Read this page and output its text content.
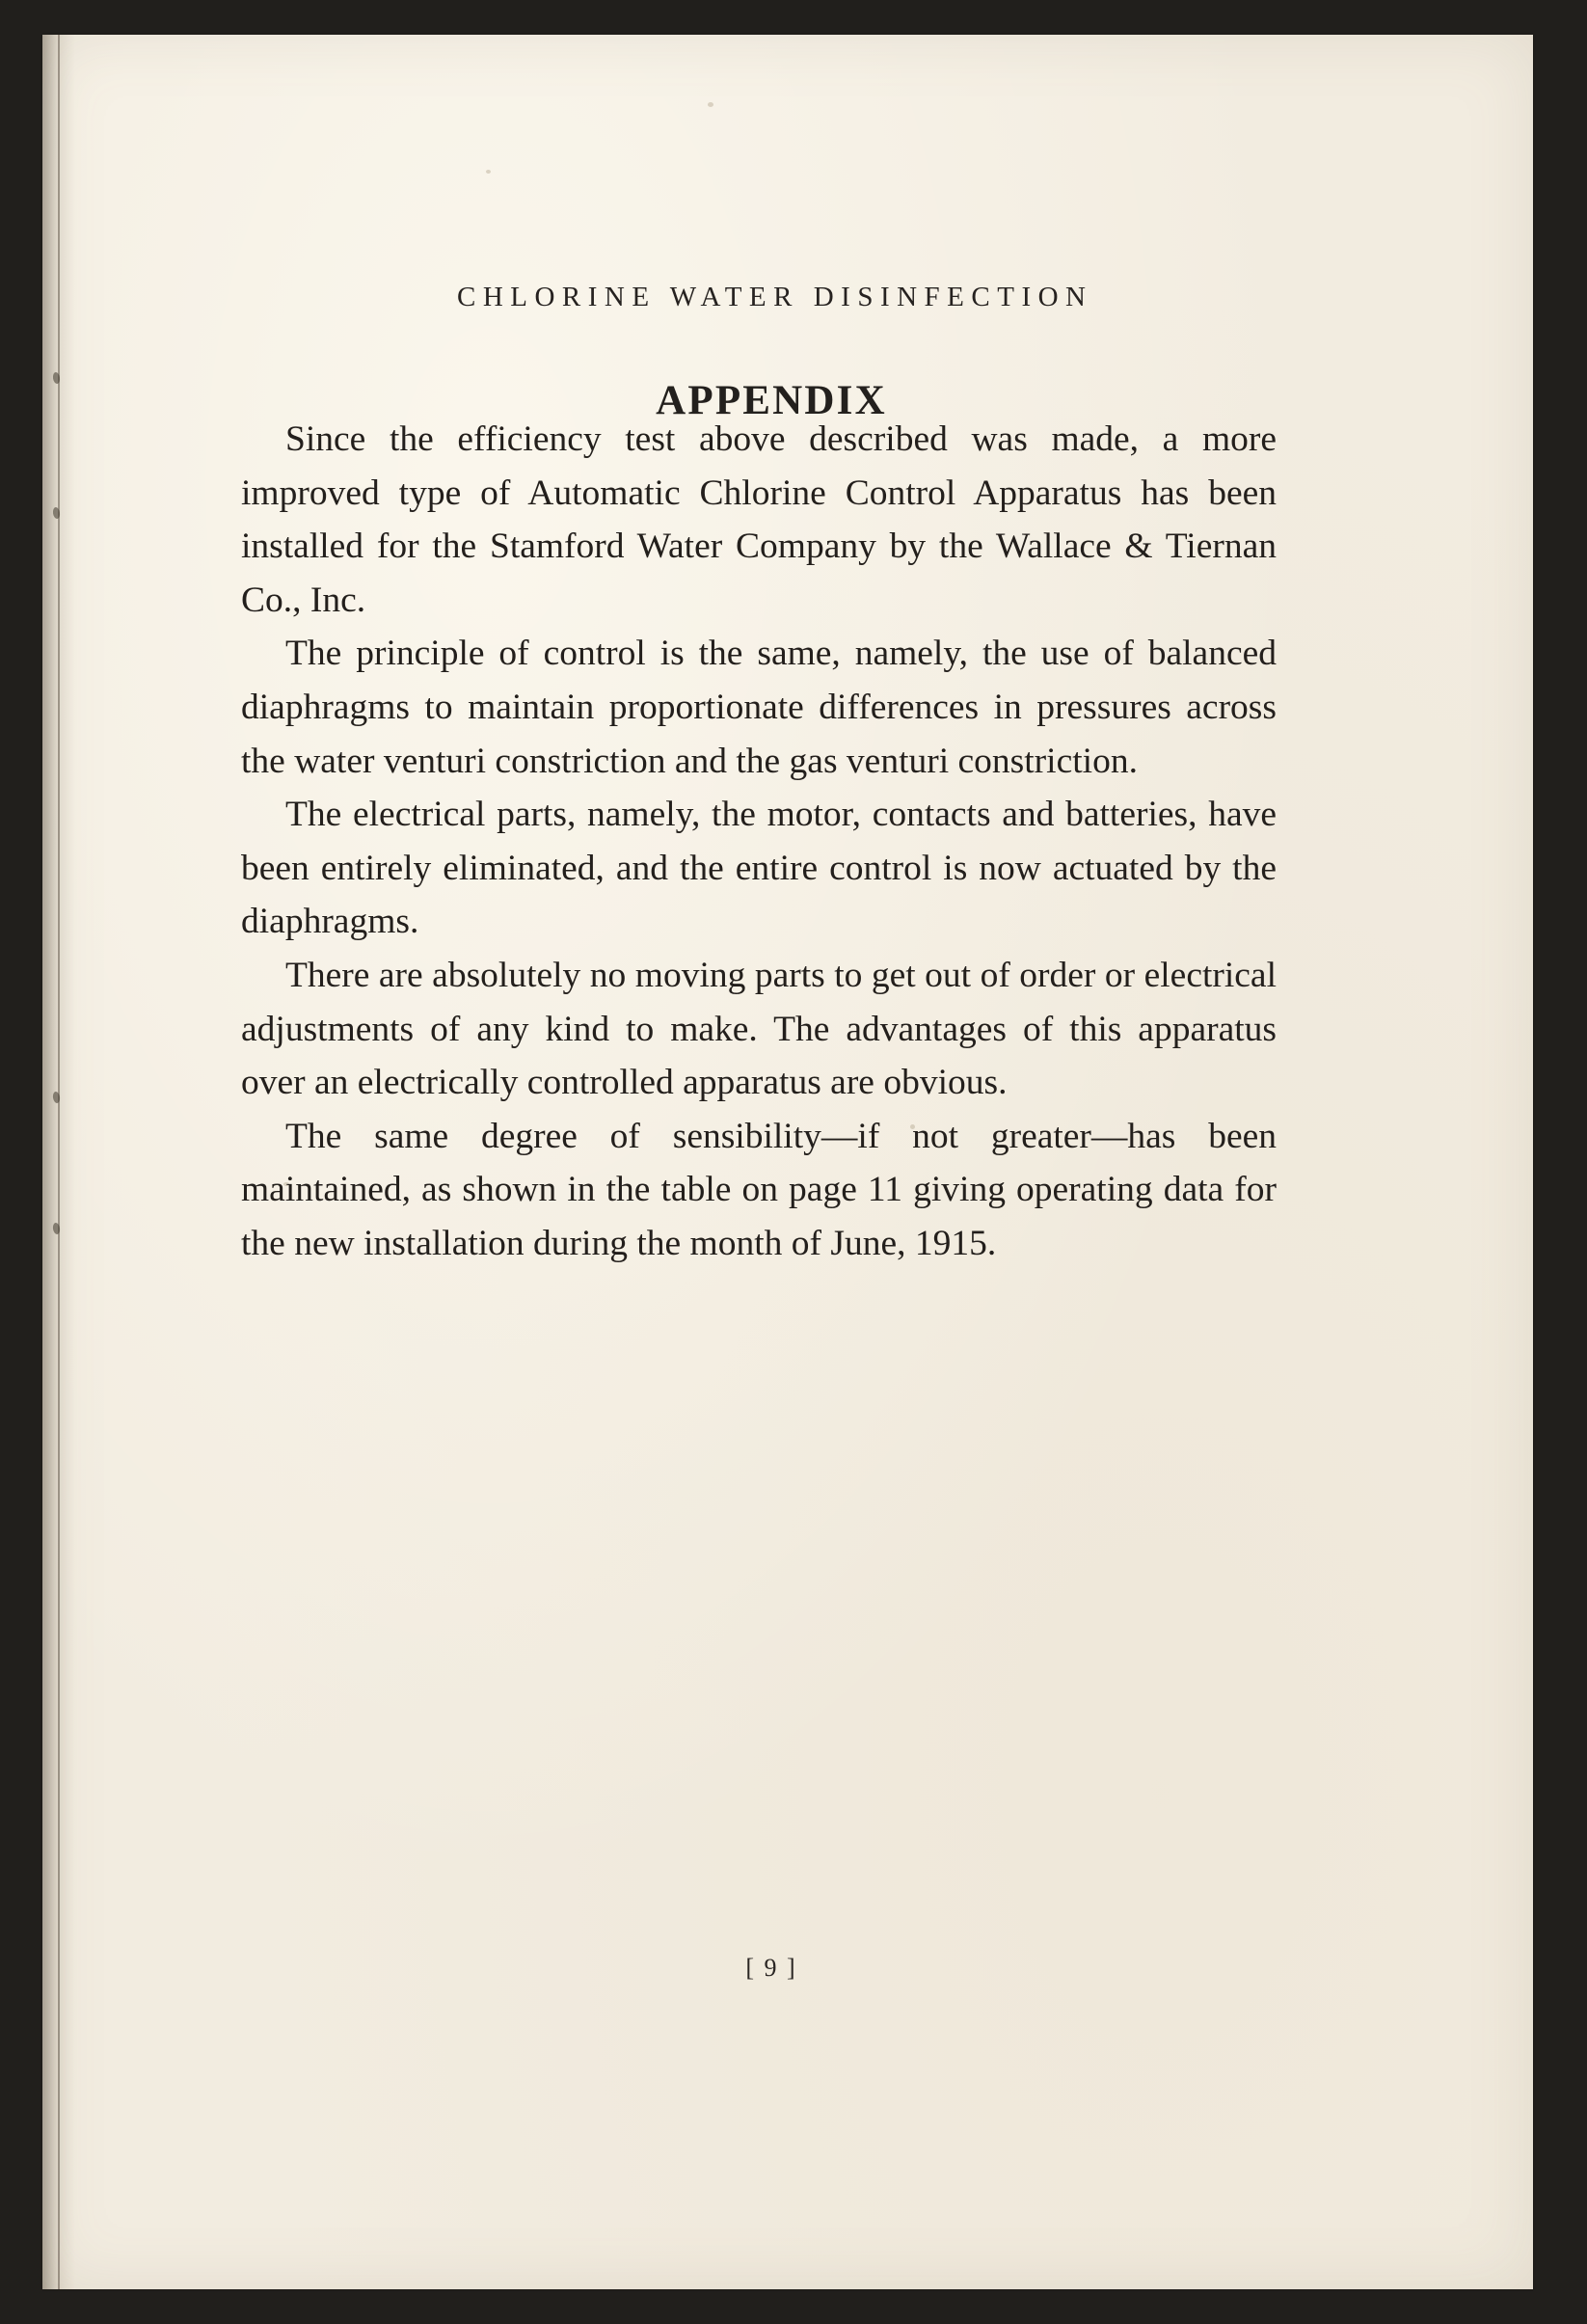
CHLORINE WATER DISINFECTION
APPENDIX

Since the efficiency test above described was made, a more improved type of Automatic Chlorine Control Apparatus has been installed for the Stamford Water Company by the Wallace & Tiernan Co., Inc.

The principle of control is the same, namely, the use of balanced diaphragms to maintain proportionate differences in pressures across the water venturi constriction and the gas venturi constriction.

The electrical parts, namely, the motor, contacts and batteries, have been entirely eliminated, and the entire control is now actuated by the diaphragms.

There are absolutely no moving parts to get out of order or electrical adjustments of any kind to make. The advantages of this apparatus over an electrically controlled apparatus are obvious.

The same degree of sensibility—if not greater—has been maintained, as shown in the table on page 11 giving operating data for the new installation during the month of June, 1915.

[ 9 ]
